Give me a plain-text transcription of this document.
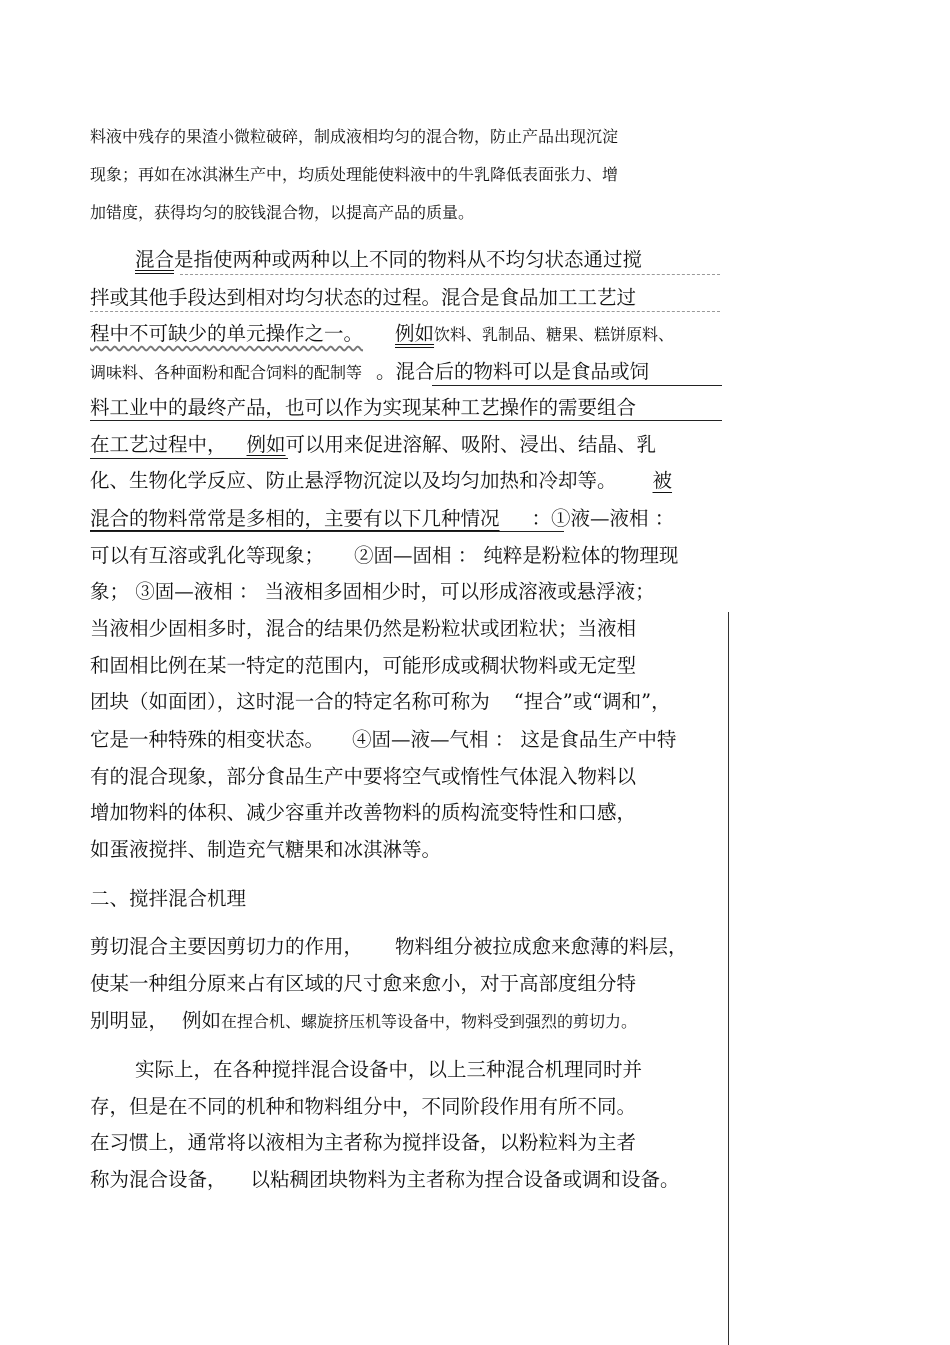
料液中残存的果渣小微粒破碎，制成液相均匀的混合物，防止产品出现沉淀
现象；再如在冰淇淋生产中，均质处理能使料液中的牛乳降低表面张力、增
加错度，获得均匀的胶钱混合物，以提高产品的质量。
混合是指使两种或两种以上不同的物料从不均匀状态通过搅
拌或其他手段达到相对均匀状态的过程。混合是食品加工工艺过
程中不可缺少的单元操作之一。 例如饮料、乳制品、糖果、糕饼原料、
调味料、各种面粉和配合饲料的配制等 。混合后的物料可以是食品或饲
料工业中的最终产品，也可以作为实现某种工艺操作的需要组合
在工艺过程中， 例如可以用来促进溶解、吸附、浸出、结晶、乳
化、生物化学反应、防止悬浮物沉淀以及均匀加热和冷却等。 被
混合的物料常常是多相的，主要有以下几种情况 ：①液—液相 ：
可以有互溶或乳化等现象； ②固—固相 ： 纯粹是粉粒体的物理现
象； ③固—液相 ： 当液相多固相少时，可以形成溶液或悬浮液；
当液相少固相多时，混合的结果仍然是粉粒状或团粒状；当液相
和固相比例在某一特定的范围内，可能形成或稠状物料或无定型
团块（如面团），这时混一合的特定名称可称为 “捏合”或“调和”，
它是一种特殊的相变状态。 ④固—液—气相 ： 这是食品生产中特
有的混合现象，部分食品生产中要将空气或惰性气体混入物料以
增加物料的体积、减少容重并改善物料的质构流变特性和口感，
如蛋液搅拌、制造充气糖果和冰淇淋等。
二、搅拌混合机理
剪切混合主要因剪切力的作用， 物料组分被拉成愈来愈薄的料层，
使某一种组分原来占有区域的尺寸愈来愈小，对于高部度组分特
别明显， 例如在捏合机、螺旋挤压机等设备中，物料受到强烈的剪切力。
实际上，在各种搅拌混合设备中，以上三种混合机理同时并
存，但是在不同的机种和物料组分中，不同阶段作用有所不同。
在习惯上，通常将以液相为主者称为搅拌设备，以粉粒料为主者
称为混合设备， 以粘稠团块物料为主者称为捏合设备或调和设备。
